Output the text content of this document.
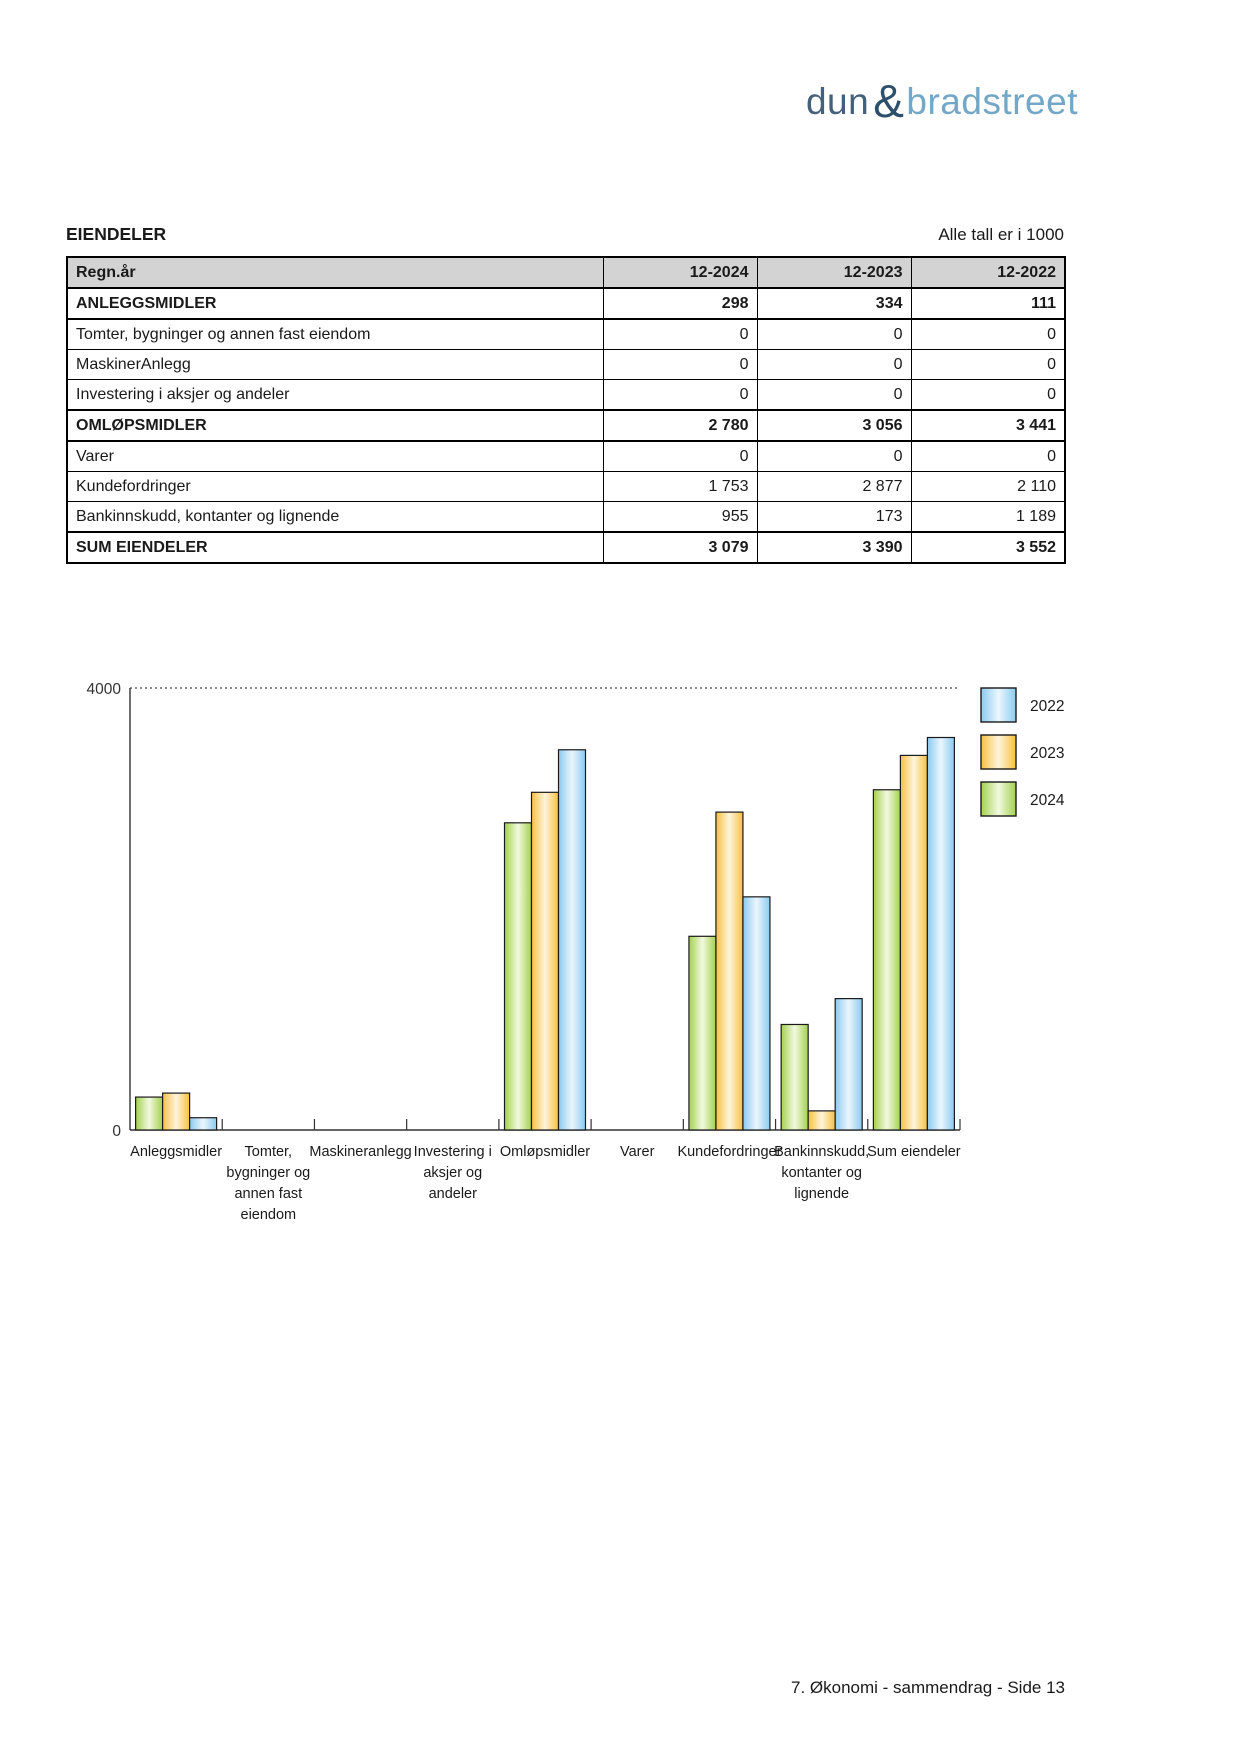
dun&bradstreet
EIENDELER	Alle tall er i 1000
Regn.år	12-2024	12-2023	12-2022
ANLEGGSMIDLER	298	334	111
Tomter, bygninger og annen fast eiendom	0	0	0
MaskinerAnlegg	0	0	0
Investering i aksjer og andeler	0	0	0
OMLØPSMIDLER	2 780	3 056	3 441
Varer	0	0	0
Kundefordringer	1 753	2 877	2 110
Bankinnskudd, kontanter og lignende	955	173	1 189
SUM EIENDELER	3 079	3 390	3 552
4000
0
Anleggsmidler Tomter,
bygninger og
annen fast
eiendom
Maskineranlegg Investering i
aksjer og
andeler
Omløpsmidler Varer Kundefordringer
Bankinnskudd,
kontanter og
lignende
Sum eiendeler
2022
2023
2024
7. Økonomi - sammendrag - Side 13
